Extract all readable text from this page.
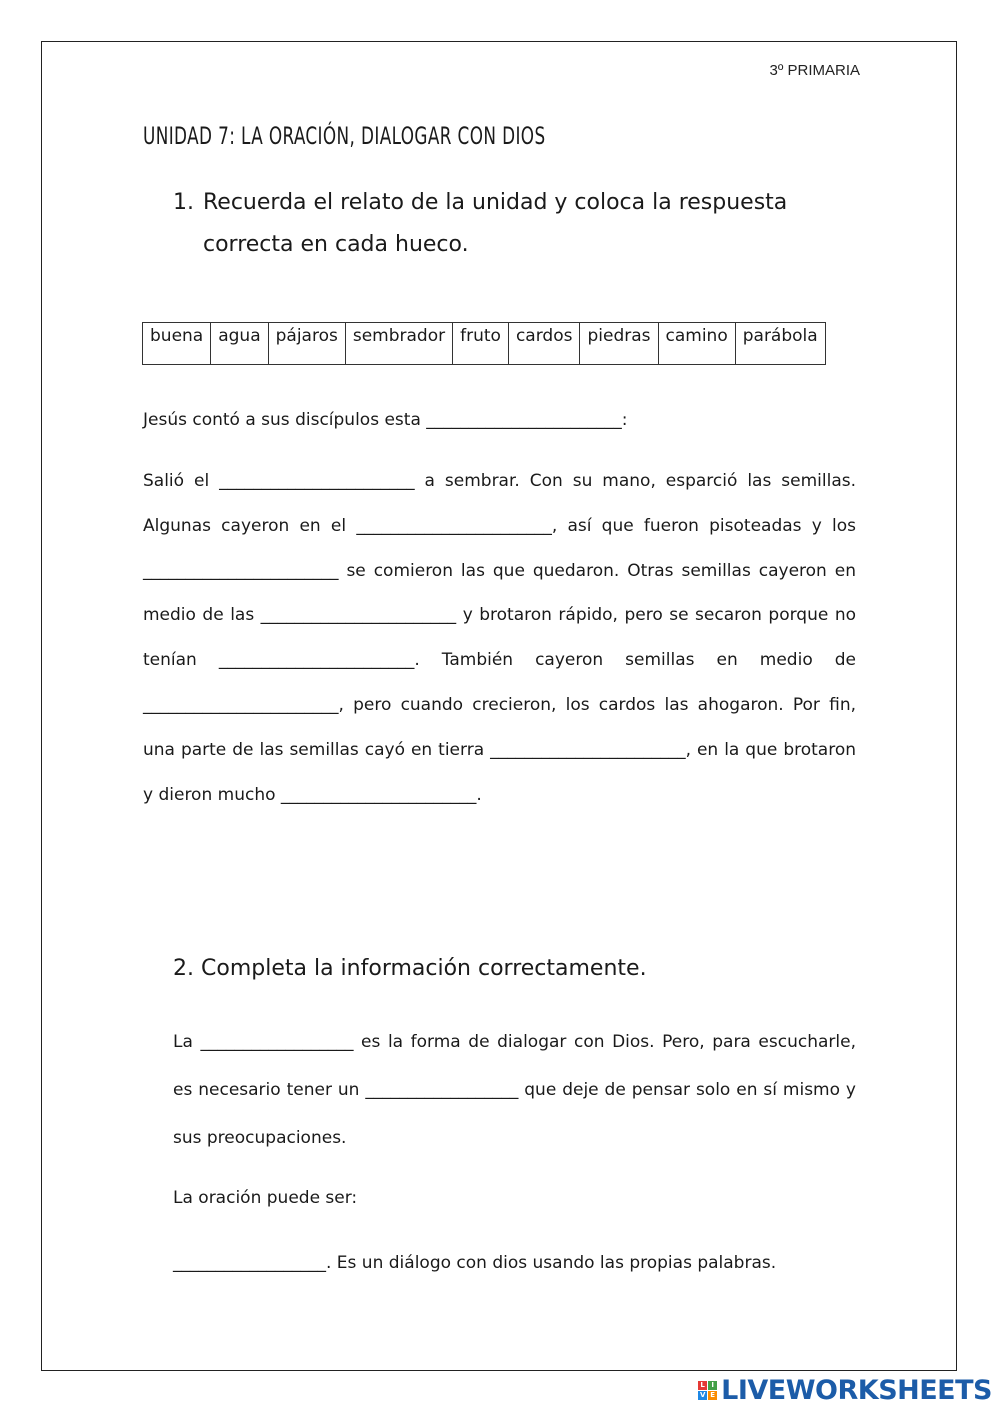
3º PRIMARIA
UNIDAD 7: LA ORACIÓN, DIALOGAR CON DIOS
1. Recuerda el relato de la unidad y coloca la respuesta correcta en cada hueco.
buena	agua	pájaros	sembrador	fruto	cardos	piedras	camino	parábola
Jesús contó a sus discípulos esta _______________________:
Salió el _______________________ a sembrar. Con su mano, esparció las semillas. Algunas cayeron en el _______________________, así que fueron pisoteadas y los _______________________ se comieron las que quedaron. Otras semillas cayeron en medio de las _______________________ y brotaron rápido, pero se secaron porque no tenían _______________________. También cayeron semillas en medio de _______________________, pero cuando crecieron, los cardos las ahogaron. Por fin, una parte de las semillas cayó en tierra _______________________, en la que brotaron y dieron mucho _______________________.
2. Completa la información correctamente.
La __________________ es la forma de dialogar con Dios. Pero, para escucharle, es necesario tener un __________________ que deje de pensar solo en sí mismo y sus preocupaciones.
La oración puede ser:
__________________. Es un diálogo con dios usando las propias palabras.
L I
V E LIVEWORKSHEETS
